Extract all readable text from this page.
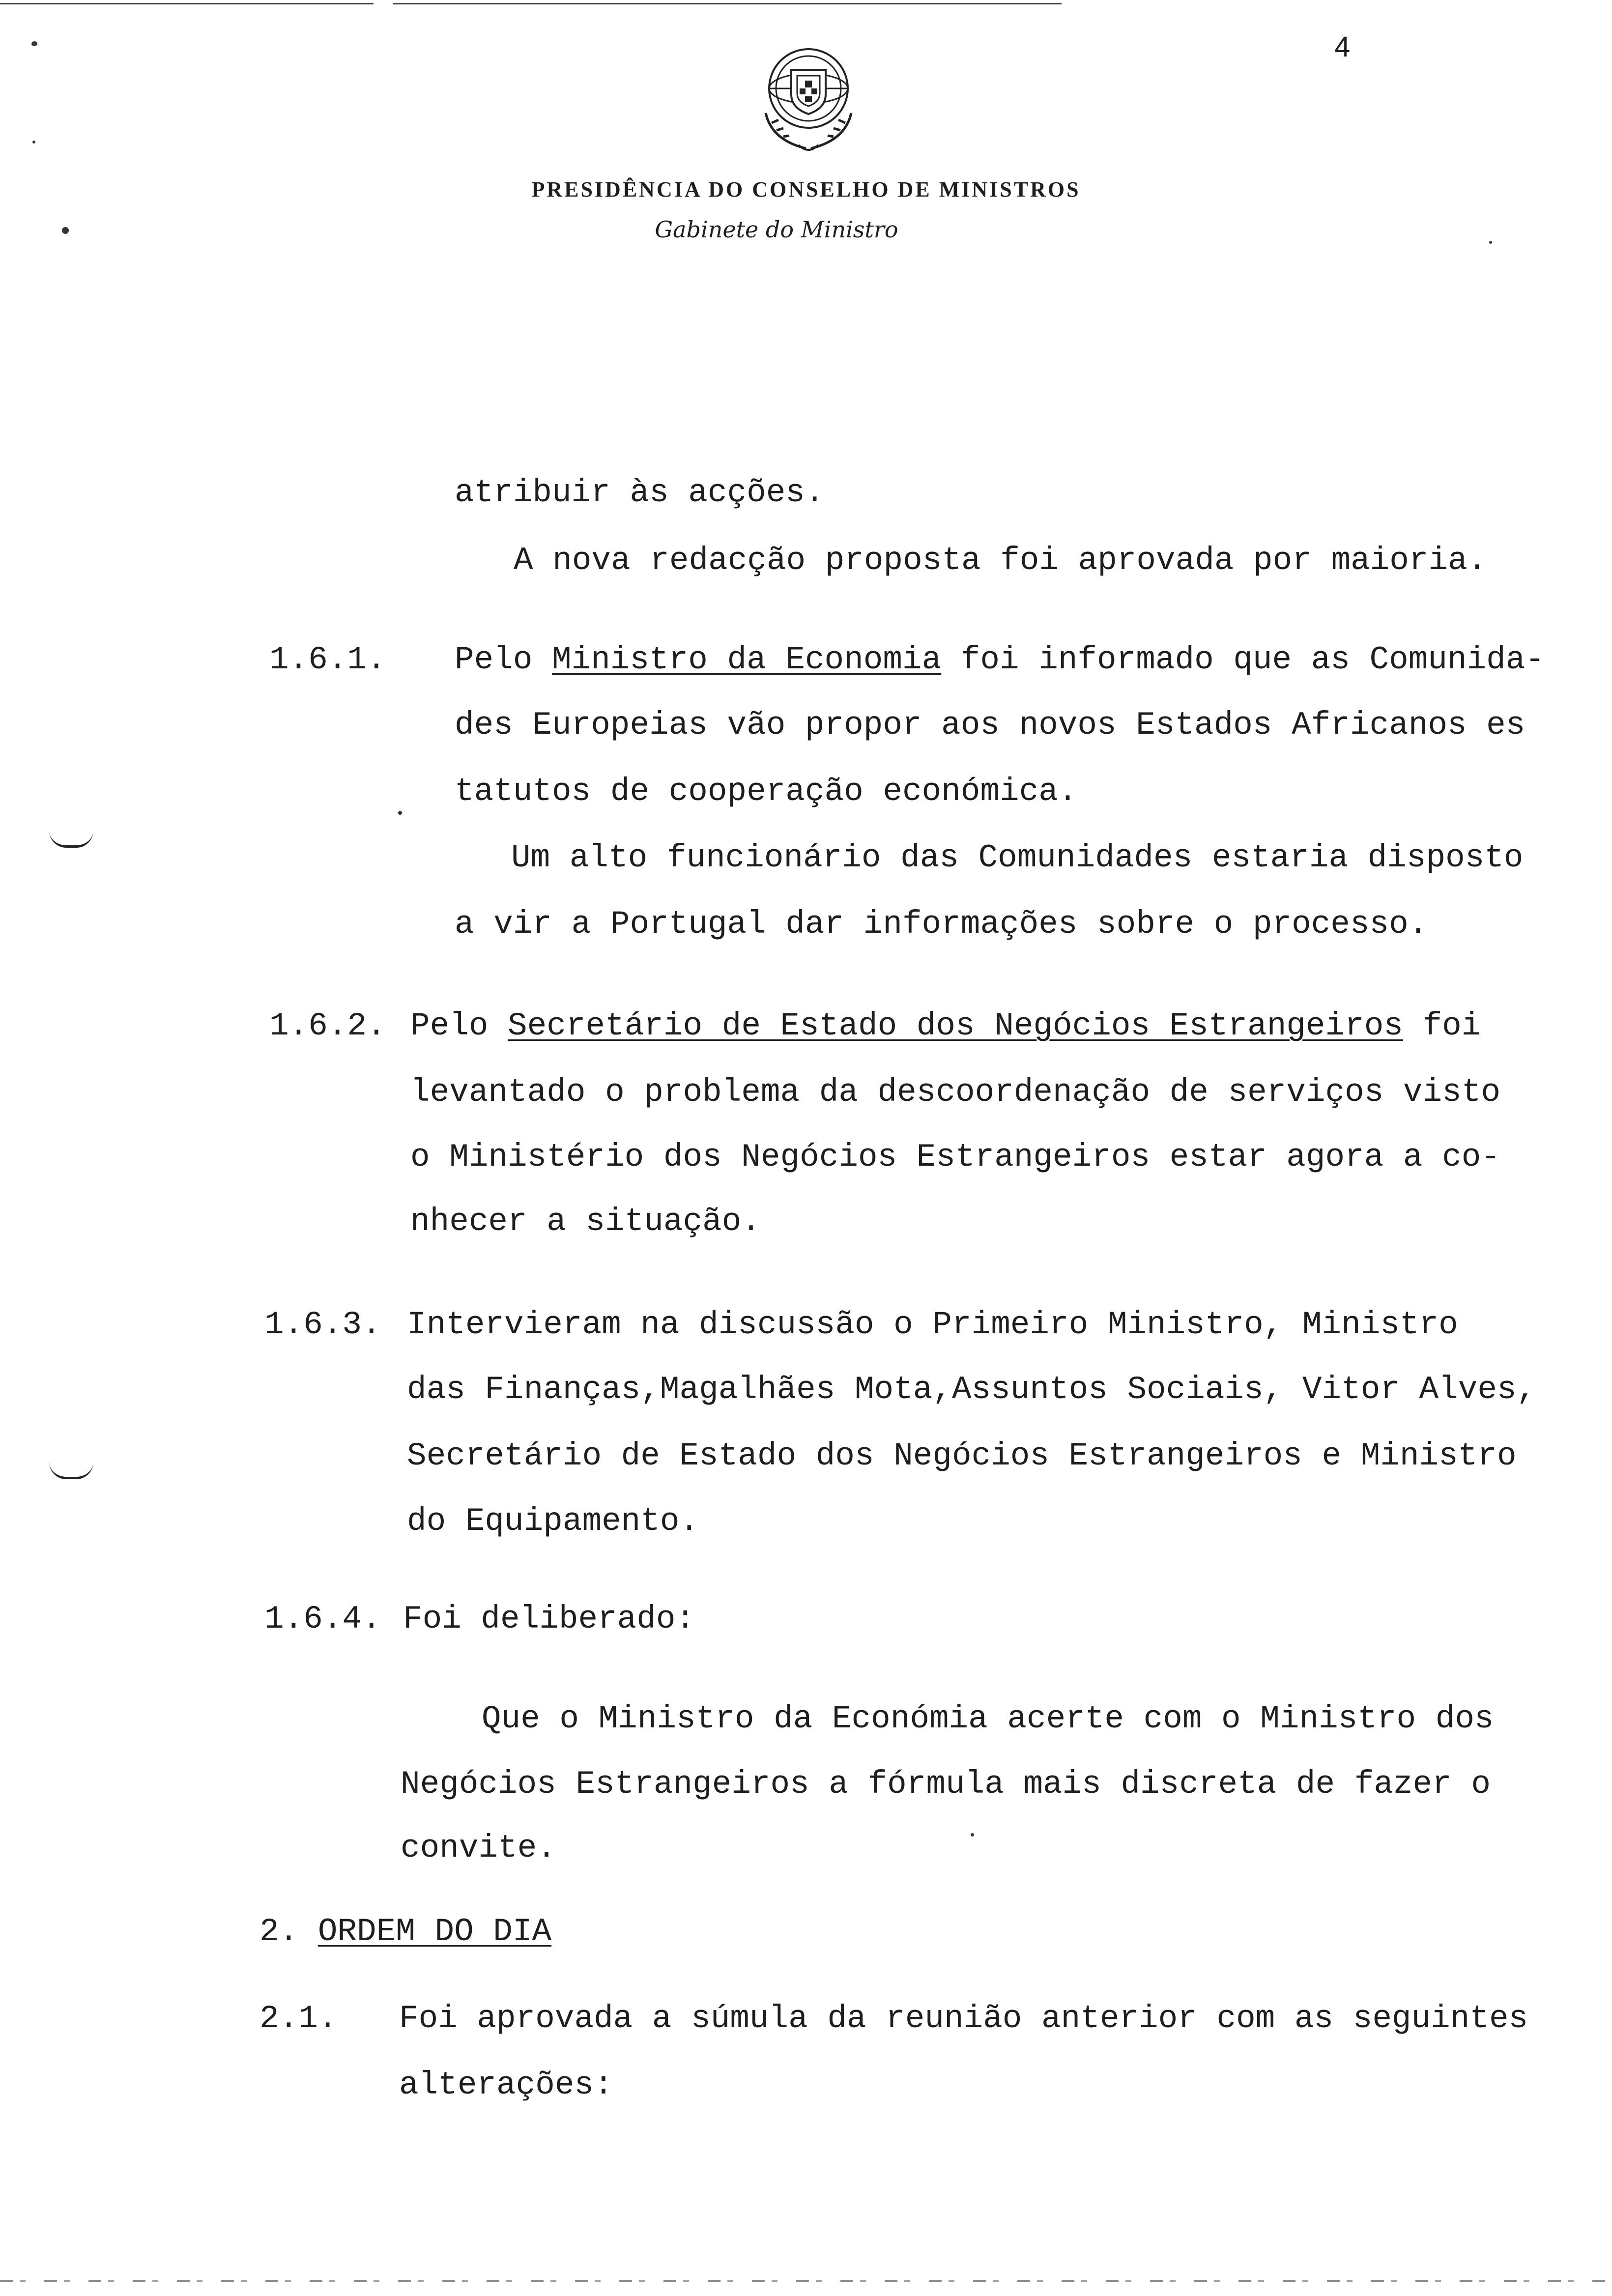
4
PRESIDÊNCIA DO CONSELHO DE MINISTROS
Gabinete do Ministro
atribuir às acções.
A nova redacção proposta foi aprovada por maioria.
1.6.1. Pelo Ministro da Economia foi informado que as Comunida-
des Europeias vão propor aos novos Estados Africanos es
tatutos de cooperação económica.
Um alto funcionário das Comunidades estaria disposto
a vir a Portugal dar informações sobre o processo.
1.6.2. Pelo Secretário de Estado dos Negócios Estrangeiros foi
levantado o problema da descoordenação de serviços visto
o Ministério dos Negócios Estrangeiros estar agora a co-
nhecer a situação.
1.6.3. Intervieram na discussão o Primeiro Ministro, Ministro
das Finanças,Magalhães Mota,Assuntos Sociais, Vitor Alves,
Secretário de Estado dos Negócios Estrangeiros e Ministro
do Equipamento.
1.6.4. Foi deliberado:
Que o Ministro da Económia acerte com o Ministro dos
Negócios Estrangeiros a fórmula mais discreta de fazer o
convite.
2. ORDEM DO DIA
2.1. Foi aprovada a súmula da reunião anterior com as seguintes
alterações:
